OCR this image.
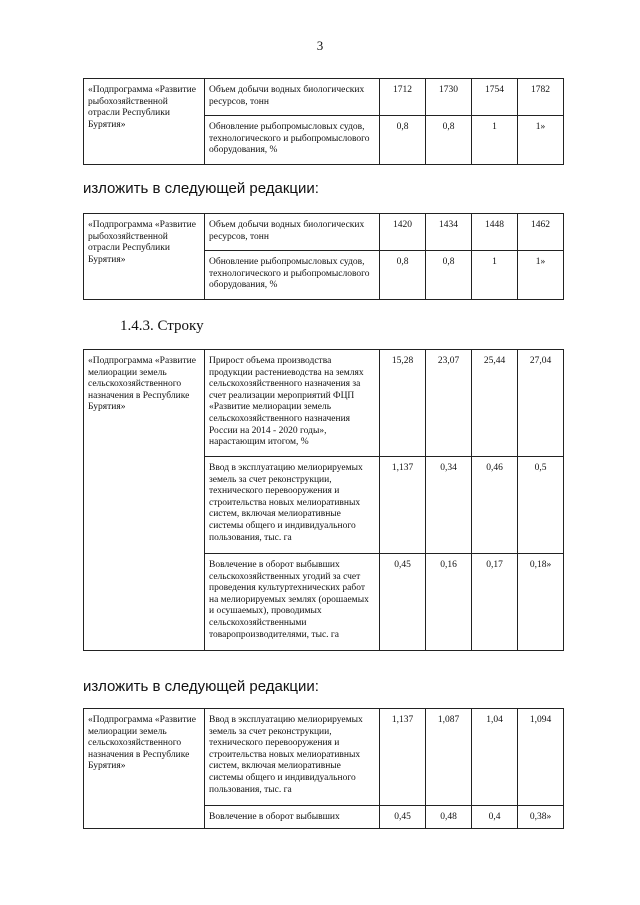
3
«Подпрограмма «Развитие рыбохозяйственной отрасли Республики Бурятия»	Объем добычи водных биологических ресурсов, тонн	1712	1730	1754	1782
	Обновление рыбопромысловых судов, технологического и рыбопромыслового оборудования, %	0,8	0,8	1	1»
изложить в следующей редакции:
«Подпрограмма «Развитие рыбохозяйственной отрасли Республики Бурятия»	Объем добычи водных биологических ресурсов, тонн	1420	1434	1448	1462
	Обновление рыбопромысловых судов, технологического и рыбопромыслового оборудования, %	0,8	0,8	1	1»
1.4.3. Строку
«Подпрограмма «Развитие мелиорации земель сельскохозяйственного назначения в Республике Бурятия»	Прирост объема производства продукции растениеводства на землях сельскохозяйственного назначения за счет реализации мероприятий ФЦП «Развитие мелиорации земель сельскохозяйственного назначения России на 2014 - 2020 годы», нарастающим итогом, %	15,28	23,07	25,44	27,04
	Ввод в эксплуатацию мелиорируемых земель за счет реконструкции, технического перевооружения и строительства новых мелиоративных систем, включая мелиоративные системы общего и индивидуального пользования, тыс. га	1,137	0,34	0,46	0,5
	Вовлечение в оборот выбывших сельскохозяйственных угодий за счет проведения культуртехнических работ на мелиорируемых землях (орошаемых и осушаемых), проводимых сельскохозяйственными товаропроизводителями, тыс. га	0,45	0,16	0,17	0,18»
изложить в следующей редакции:
«Подпрограмма «Развитие мелиорации земель сельскохозяйственного назначения в Республике Бурятия»	Ввод в эксплуатацию мелиорируемых земель за счет реконструкции, технического перевооружения и строительства новых мелиоративных систем, включая мелиоративные системы общего и индивидуального пользования, тыс. га	1,137	1,087	1,04	1,094
	Вовлечение в оборот выбывших	0,45	0,48	0,4	0,38»
